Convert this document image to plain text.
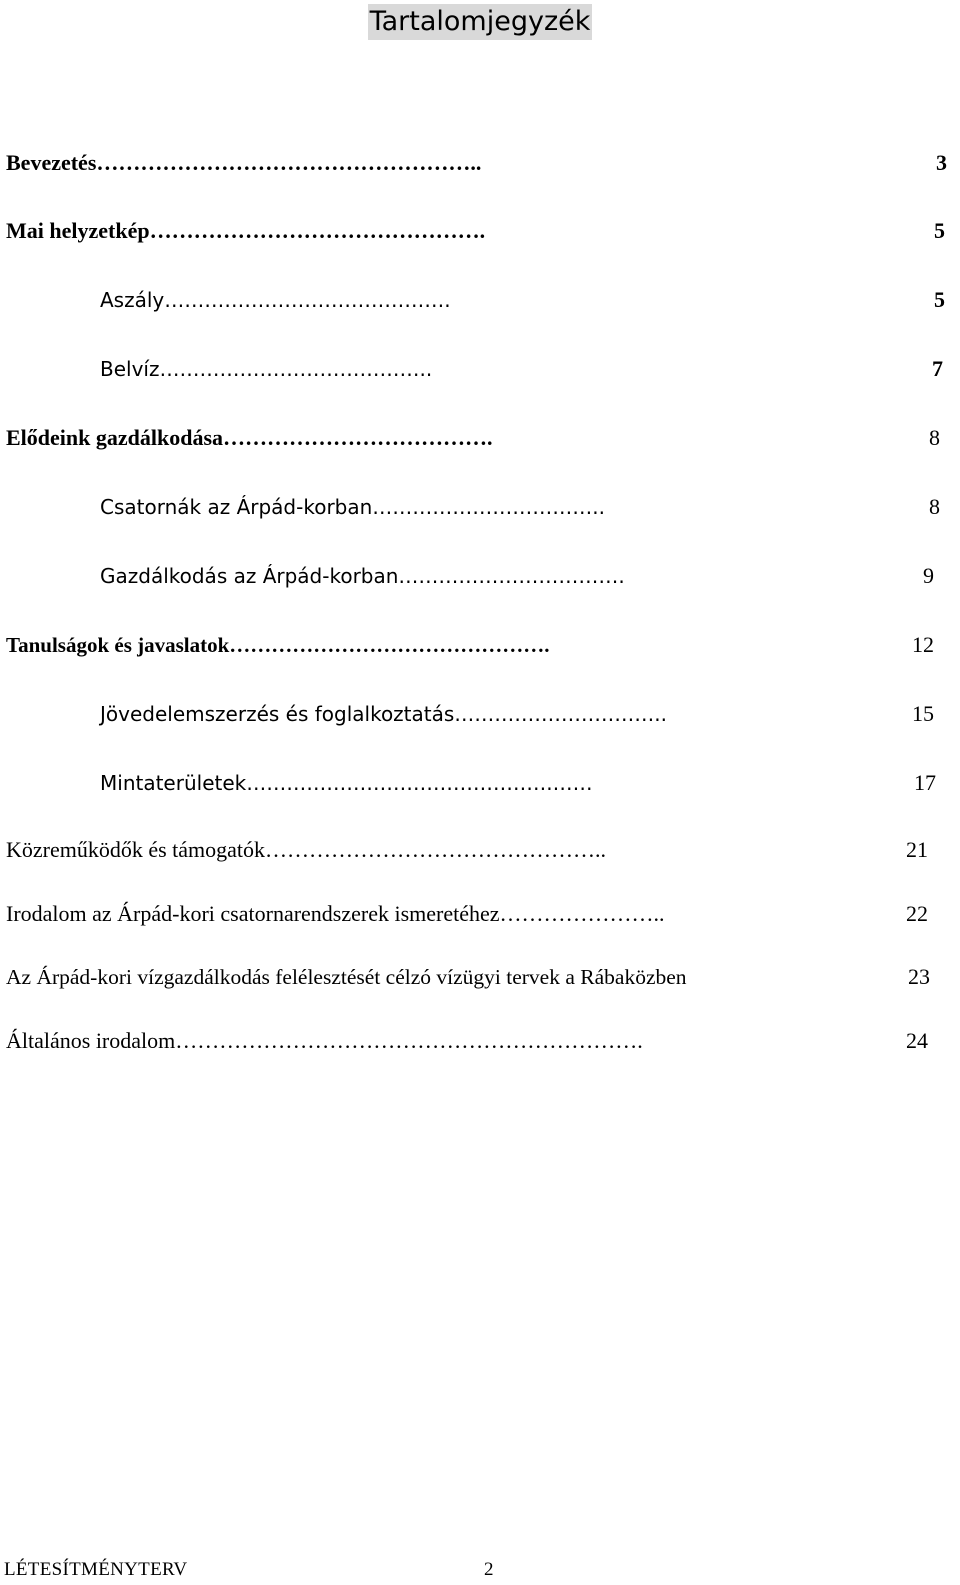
Tartalomjegyzék
Bevezetés……………………………………………..	3
Mai helyzetkép……………………………………….	5
Aszály…………………………………….	5
Belvíz…………………………………..	7
Elődeink gazdálkodása……………………………….	8
Csatornák az Árpád-korban……………………………..	8
Gazdálkodás az Árpád-korban…………………………….	9
Tanulságok és javaslatok……………………………………….	12
Jövedelemszerzés és foglalkoztatás…………………………..	15
Mintaterületek……………………………………….……	17
Közreműködők és támogatók………………………………………..	21
Irodalom az Árpád-kori csatornarendszerek ismeretéhez…………………..	22
Az Árpád-kori vízgazdálkodás felélesztését célzó vízügyi tervek a Rábaközben	23
Általános irodalom……………………………………………………….	24
LÉTESÍTMÉNYTERV	2
